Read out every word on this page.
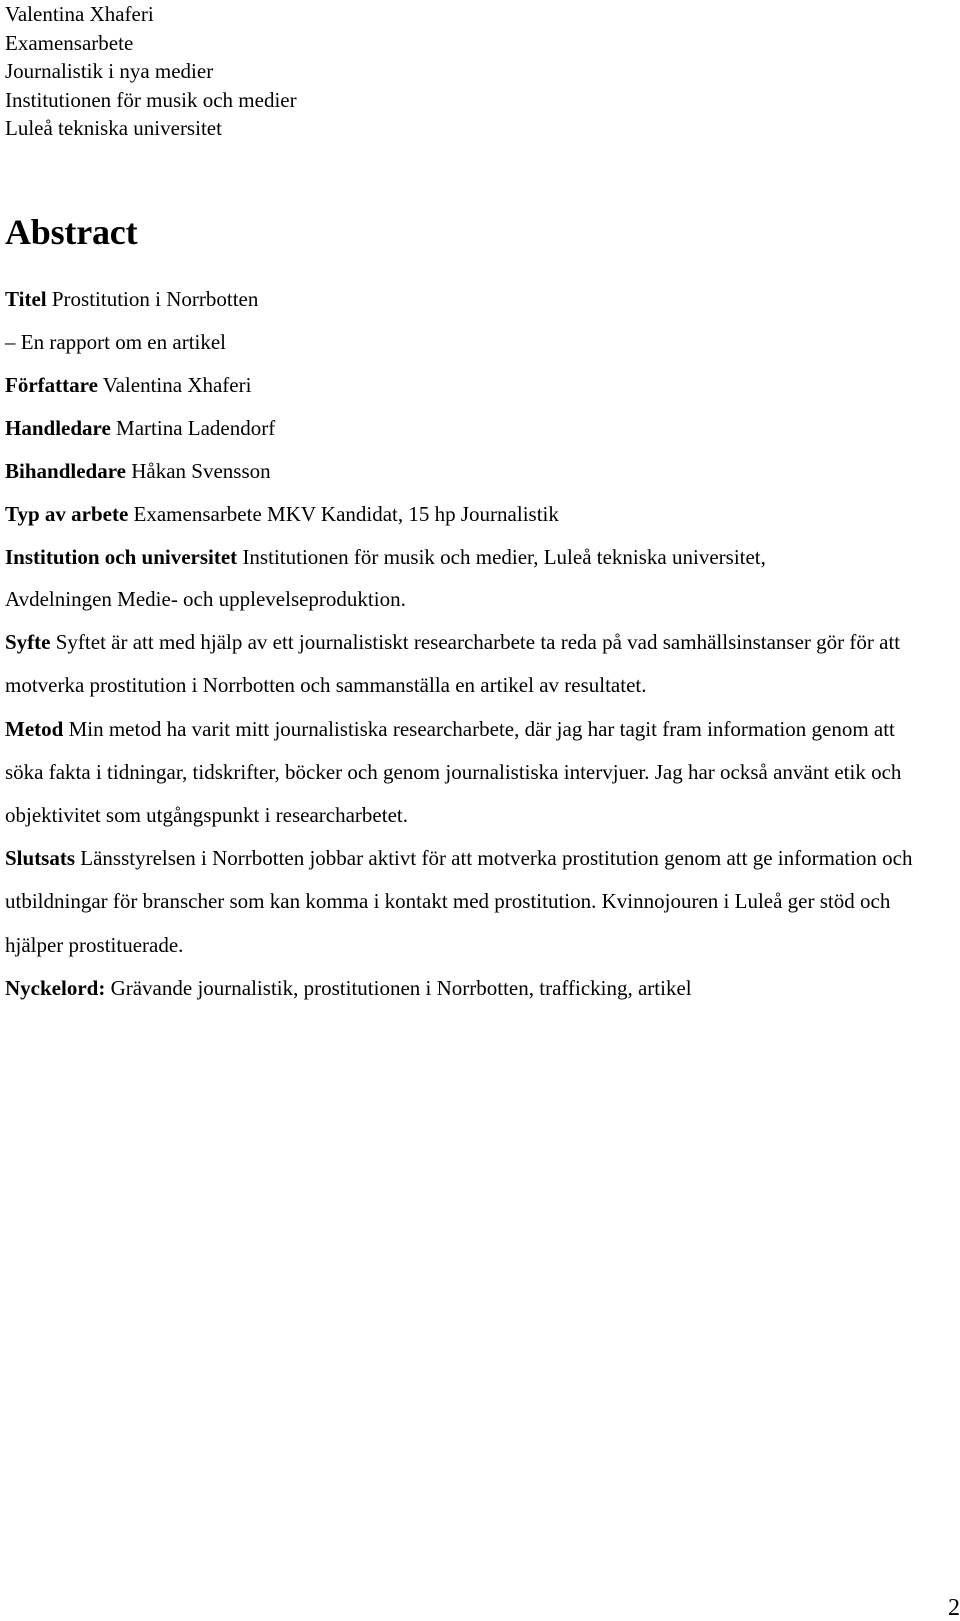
Valentina Xhaferi
Examensarbete
Journalistik i nya medier
Institutionen för musik och medier
Luleå tekniska universitet
Abstract
Titel Prostitution i Norrbotten
– En rapport om en artikel
Författare Valentina Xhaferi
Handledare Martina Ladendorf
Bihandledare Håkan Svensson
Typ av arbete Examensarbete MKV Kandidat, 15 hp Journalistik
Institution och universitet Institutionen för musik och medier, Luleå tekniska universitet,

Avdelningen Medie- och upplevelseproduktion.

Syfte Syftet är att med hjälp av ett journalistiskt researcharbete ta reda på vad samhällsinstanser gör för att motverka prostitution i Norrbotten och sammanställa en artikel av resultatet.

Metod Min metod ha varit mitt journalistiska researcharbete, där jag har tagit fram information genom att söka fakta i tidningar, tidskrifter, böcker och genom journalistiska intervjuer. Jag har också använt etik och objektivitet som utgångspunkt i researcharbetet.

Slutsats Länsstyrelsen i Norrbotten jobbar aktivt för att motverka prostitution genom att ge information och utbildningar för branscher som kan komma i kontakt med prostitution. Kvinnojouren i Luleå ger stöd och hjälper prostituerade.

Nyckelord: Grävande journalistik, prostitutionen i Norrbotten, trafficking, artikel

2
